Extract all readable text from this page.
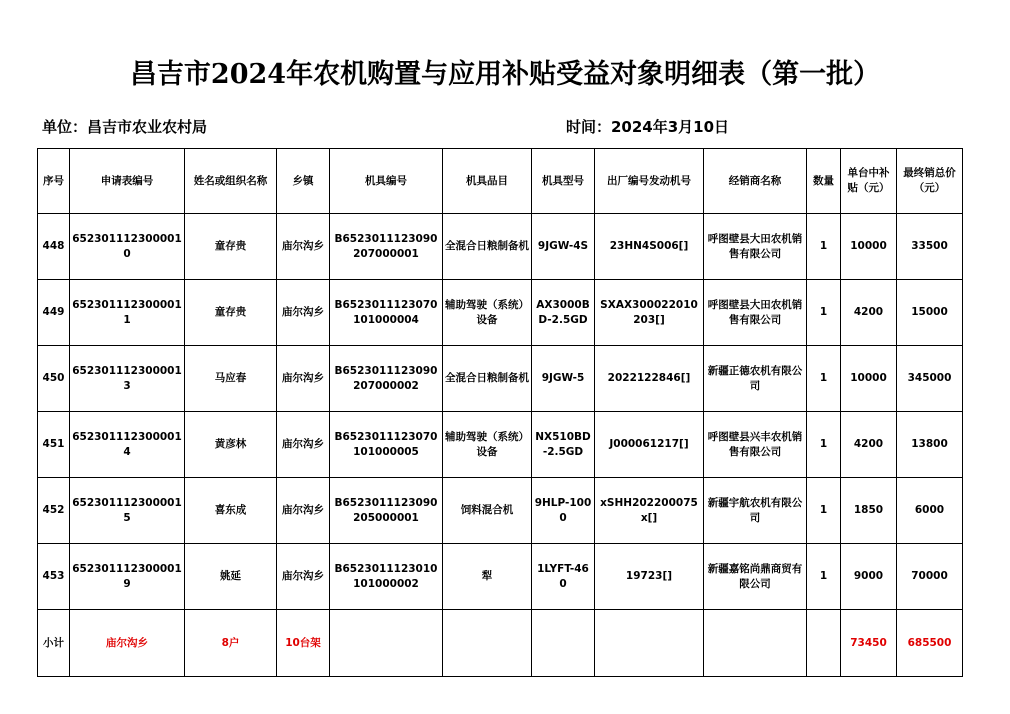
昌吉市2024年农机购置与应用补贴受益对象明细表（第一批）
单位：昌吉市农业农村局	时间：2024年3月10日
序号	申请表编号	姓名或组织名称	乡镇	机具编号	机具品目	机具型号	出厂编号发动机号	经销商名称	数量	单台中补贴（元）	最终销总价（元）
448	6523011123000010	童存贵	庙尔沟乡	B6523011123090207000001	全混合日粮制备机	9JGW-4S	23HN4S006[]	呼图壁县大田农机销售有限公司	1	10000	33500
449	6523011123000011	童存贵	庙尔沟乡	B6523011123070101000004	辅助驾驶（系统）设备	AX3000BD-2.5GD	SXAX300022010203[]	呼图壁县大田农机销售有限公司	1	4200	15000
450	6523011123000013	马应春	庙尔沟乡	B6523011123090207000002	全混合日粮制备机	9JGW-5	2022122846[]	新疆正德农机有限公司	1	10000	345000
451	6523011123000014	黄彦林	庙尔沟乡	B6523011123070101000005	辅助驾驶（系统）设备	NX510BD-2.5GD	J000061217[]	呼图壁县兴丰农机销售有限公司	1	4200	13800
452	6523011123000015	喜东成	庙尔沟乡	B6523011123090205000001	饲料混合机	9HLP-1000	xSHH202200075x[]	新疆宇航农机有限公司	1	1850	6000
453	6523011123000019	姚延	庙尔沟乡	B6523011123010101000002	犁	1LYFT-460	19723[]	新疆嘉铭尚鼎商贸有限公司	1	9000	70000
小计	庙尔沟乡	8户	10台架							73450	685500
